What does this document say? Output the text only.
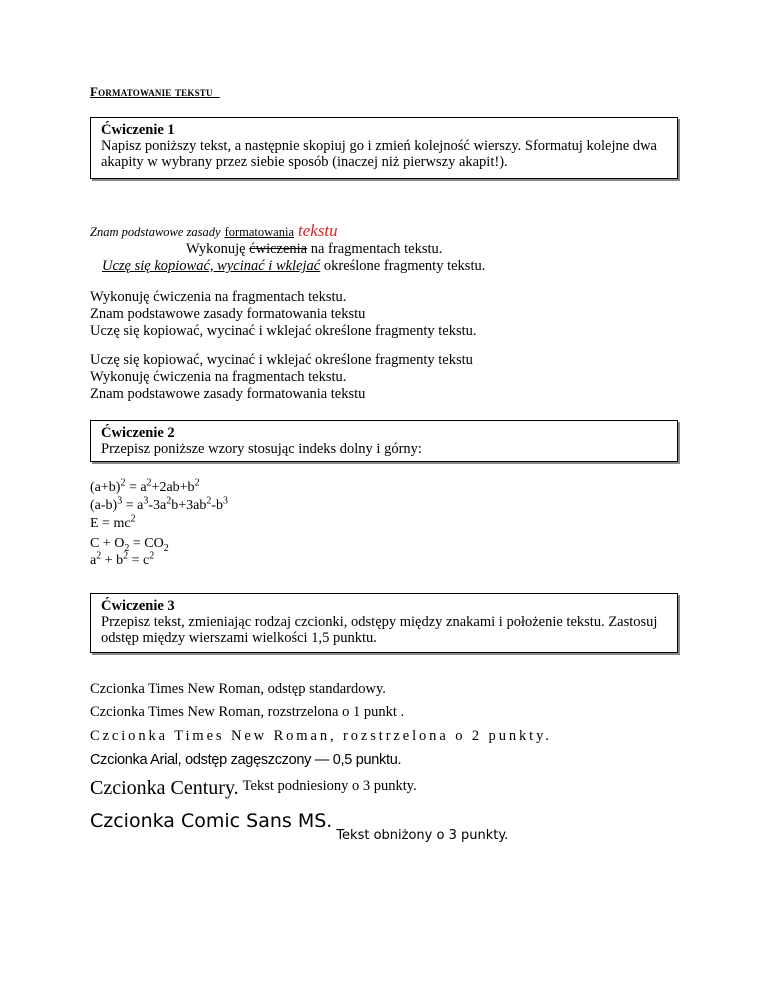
Formatowanie tekstu
Ćwiczenie 1
Napisz poniższy tekst, a następnie skopiuj go i zmień kolejność wierszy. Sformatuj kolejne dwa akapity w wybrany przez siebie sposób (inaczej niż pierwszy akapit!).
Znam podstawowe zasady formatowania tekstu
Wykonuję ćwiczenia na fragmentach tekstu.
Uczę się kopiować, wycinać i wklejać określone fragmenty tekstu.
Wykonuję ćwiczenia na fragmentach tekstu.
Znam podstawowe zasady formatowania tekstu
Uczę się kopiować, wycinać i wklejać określone fragmenty tekstu.
Uczę się kopiować, wycinać i wklejać określone fragmenty tekstu
Wykonuję ćwiczenia na fragmentach tekstu.
Znam podstawowe zasady formatowania tekstu
Ćwiczenie 2
Przepisz poniższe wzory stosując indeks dolny i górny:
$(a+b)^2 = a^2+2ab+b^2$
$(a-b)^3 = a^3-3a^2b+3ab^2-b^3$
$E = mc^2$
$C + O_2 = CO_2$
$a^2 + b^2 = c^2$
Ćwiczenie 3
Przepisz tekst, zmieniając rodzaj czcionki, odstępy między znakami i położenie tekstu. Zastosuj odstęp między wierszami wielkości 1,5 punktu.
Czcionka Times New Roman, odstęp standardowy.
Czcionka Times New Roman, rozstrzelona o 1 punkt .
Czcionka Times New Roman, rozstrzelona o 2 punkty.
Czcionka Arial, odstęp zagęszczony — 0,5 punktu.
Czcionka Century. Tekst podniesiony o 3 punkty.
Czcionka Comic Sans MS. $_{Tekst obniżony o 3 punkty.}$
